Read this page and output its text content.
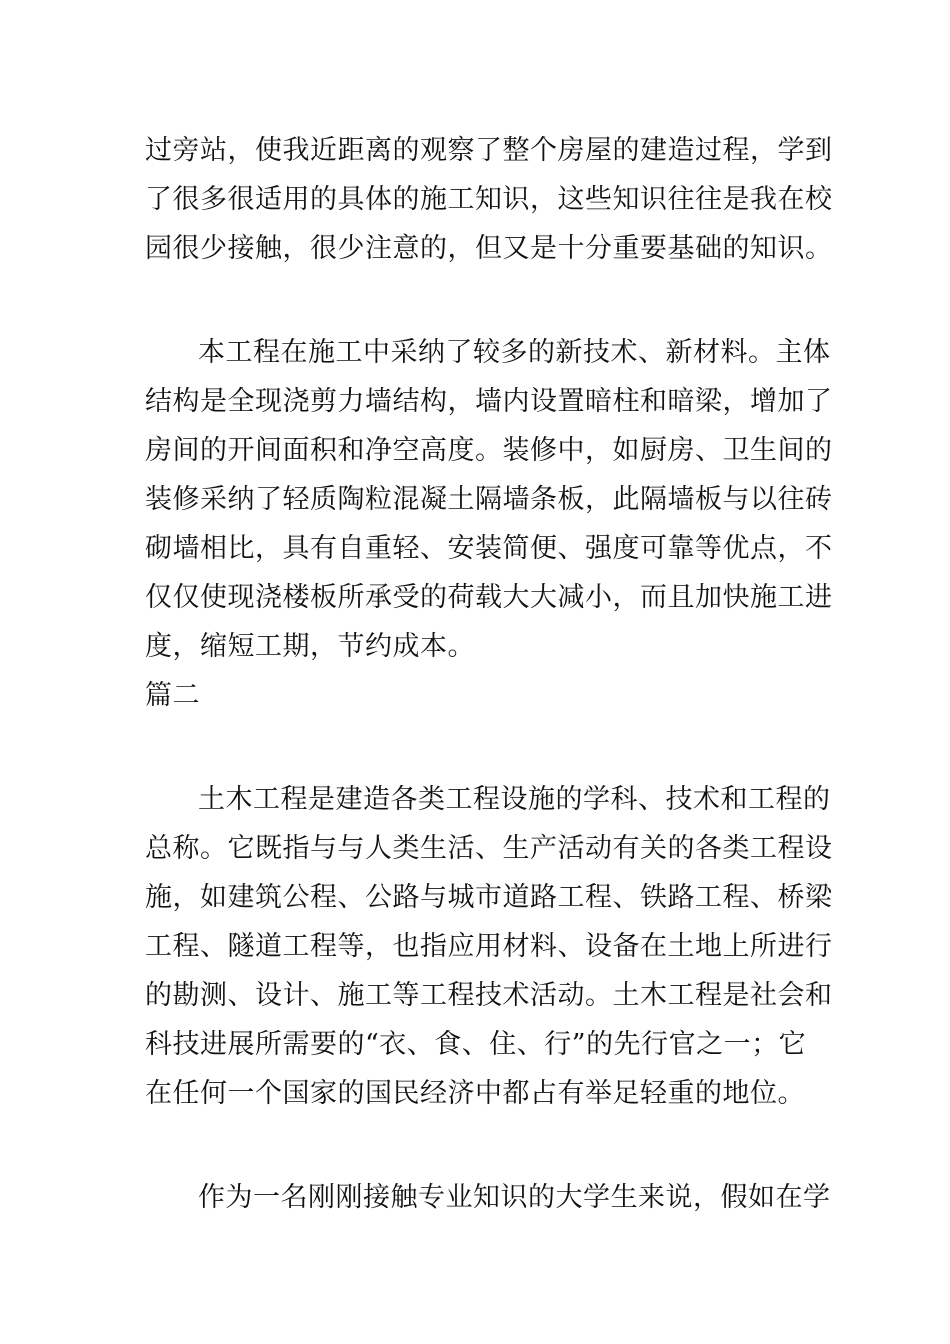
过旁站，使我近距离的观察了整个房屋的建造过程，学到
了很多很适用的具体的施工知识，这些知识往往是我在校
园很少接触，很少注意的，但又是十分重要基础的知识。
本工程在施工中采纳了较多的新技术、新材料。主体
结构是全现浇剪力墙结构，墙内设置暗柱和暗梁，增加了
房间的开间面积和净空高度。装修中，如厨房、卫生间的
装修采纳了轻质陶粒混凝土隔墙条板，此隔墙板与以往砖
砌墙相比，具有自重轻、安装简便、强度可靠等优点，不
仅仅使现浇楼板所承受的荷载大大减小，而且加快施工进
度，缩短工期，节约成本。
篇二
土木工程是建造各类工程设施的学科、技术和工程的
总称。它既指与与人类生活、生产活动有关的各类工程设
施，如建筑公程、公路与城市道路工程、铁路工程、桥梁
工程、隧道工程等，也指应用材料、设备在土地上所进行
的勘测、设计、施工等工程技术活动。土木工程是社会和
科技进展所需要的“衣、食、住、行”的先行官之一；它
在任何一个国家的国民经济中都占有举足轻重的地位。
作为一名刚刚接触专业知识的大学生来说，假如在学
